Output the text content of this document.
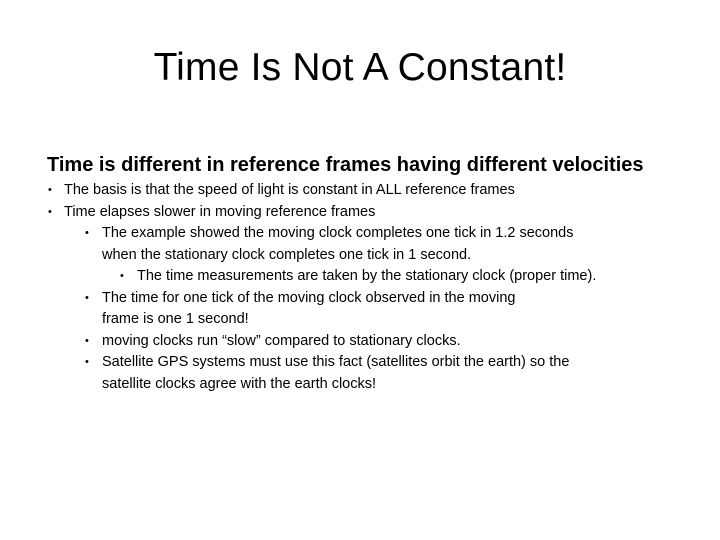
Time Is Not A Constant!
Time is different in reference frames having different velocities
• The basis is that the speed of light is constant in ALL reference frames
• Time elapses slower in moving reference frames
• The example showed the moving clock completes one tick in 1.2 seconds
when the stationary clock completes one tick in 1 second.
• The time measurements are taken by the stationary clock (proper time).
• The time for one tick of the moving clock observed in the moving
frame is one 1 second!
• moving clocks run “slow” compared to stationary clocks.
• Satellite GPS systems must use this fact (satellites orbit the earth) so the
satellite clocks agree with the earth clocks!
